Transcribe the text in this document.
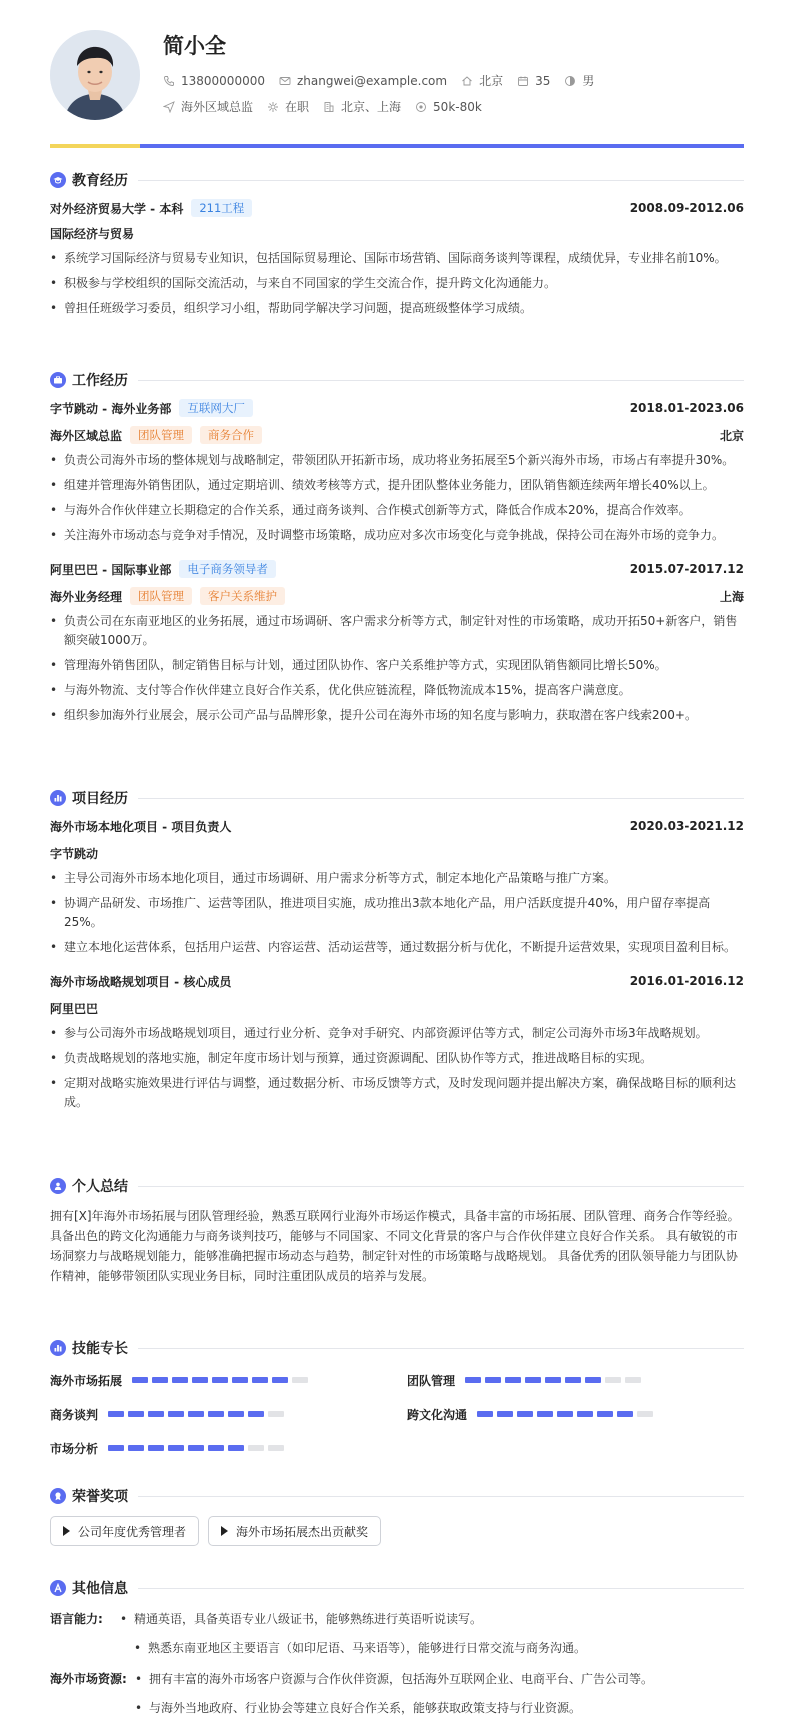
简小全
13800000000	zhangwei@example.com	北京	35	男
海外区域总监	在职	北京、上海	50k-80k
教育经历
对外经济贸易大学 - 本科	211工程	2008.09-2012.06
国际经济与贸易
• 系统学习国际经济与贸易专业知识，包括国际贸易理论、国际市场营销、国际商务谈判等课程，成绩优异，专业排名前10%。
• 积极参与学校组织的国际交流活动，与来自不同国家的学生交流合作，提升跨文化沟通能力。
• 曾担任班级学习委员，组织学习小组，帮助同学解决学习问题，提高班级整体学习成绩。
工作经历
字节跳动 - 海外业务部	互联网大厂	2018.01-2023.06
海外区域总监	团队管理	商务合作	北京
• 负责公司海外市场的整体规划与战略制定，带领团队开拓新市场，成功将业务拓展至5个新兴海外市场，市场占有率提升30%。
• 组建并管理海外销售团队，通过定期培训、绩效考核等方式，提升团队整体业务能力，团队销售额连续两年增长40%以上。
• 与海外合作伙伴建立长期稳定的合作关系，通过商务谈判、合作模式创新等方式，降低合作成本20%，提高合作效率。
• 关注海外市场动态与竞争对手情况，及时调整市场策略，成功应对多次市场变化与竞争挑战，保持公司在海外市场的竞争力。
阿里巴巴 - 国际事业部	电子商务领导者	2015.07-2017.12
海外业务经理	团队管理	客户关系维护	上海
• 负责公司在东南亚地区的业务拓展，通过市场调研、客户需求分析等方式，制定针对性的市场策略，成功开拓50+新客户，销售额突破1000万。
• 管理海外销售团队，制定销售目标与计划，通过团队协作、客户关系维护等方式，实现团队销售额同比增长50%。
• 与海外物流、支付等合作伙伴建立良好合作关系，优化供应链流程，降低物流成本15%，提高客户满意度。
• 组织参加海外行业展会，展示公司产品与品牌形象，提升公司在海外市场的知名度与影响力，获取潜在客户线索200+。
项目经历
海外市场本地化项目 - 项目负责人	2020.03-2021.12
字节跳动
• 主导公司海外市场本地化项目，通过市场调研、用户需求分析等方式，制定本地化产品策略与推广方案。
• 协调产品研发、市场推广、运营等团队，推进项目实施，成功推出3款本地化产品，用户活跃度提升40%，用户留存率提高25%。
• 建立本地化运营体系，包括用户运营、内容运营、活动运营等，通过数据分析与优化，不断提升运营效果，实现项目盈利目标。
海外市场战略规划项目 - 核心成员	2016.01-2016.12
阿里巴巴
• 参与公司海外市场战略规划项目，通过行业分析、竞争对手研究、内部资源评估等方式，制定公司海外市场3年战略规划。
• 负责战略规划的落地实施，制定年度市场计划与预算，通过资源调配、团队协作等方式，推进战略目标的实现。
• 定期对战略实施效果进行评估与调整，通过数据分析、市场反馈等方式，及时发现问题并提出解决方案，确保战略目标的顺利达成。
个人总结
拥有[X]年海外市场拓展与团队管理经验，熟悉互联网行业海外市场运作模式，具备丰富的市场拓展、团队管理、商务合作等经验。 具备出色的跨文化沟通能力与商务谈判技巧，能够与不同国家、不同文化背景的客户与合作伙伴建立良好合作关系。 具有敏锐的市场洞察力与战略规划能力，能够准确把握市场动态与趋势，制定针对性的市场策略与战略规划。 具备优秀的团队领导能力与团队协作精神，能够带领团队实现业务目标，同时注重团队成员的培养与发展。
技能专长
海外市场拓展	团队管理
商务谈判	跨文化沟通
市场分析
荣誉奖项
公司年度优秀管理者	海外市场拓展杰出贡献奖
其他信息
语言能力:	• 精通英语，具备英语专业八级证书，能够熟练进行英语听说读写。
• 熟悉东南亚地区主要语言（如印尼语、马来语等），能够进行日常交流与商务沟通。
海外市场资源:	• 拥有丰富的海外市场客户资源与合作伙伴资源，包括海外互联网企业、电商平台、广告公司等。
• 与海外当地政府、行业协会等建立良好合作关系，能够获取政策支持与行业资源。
